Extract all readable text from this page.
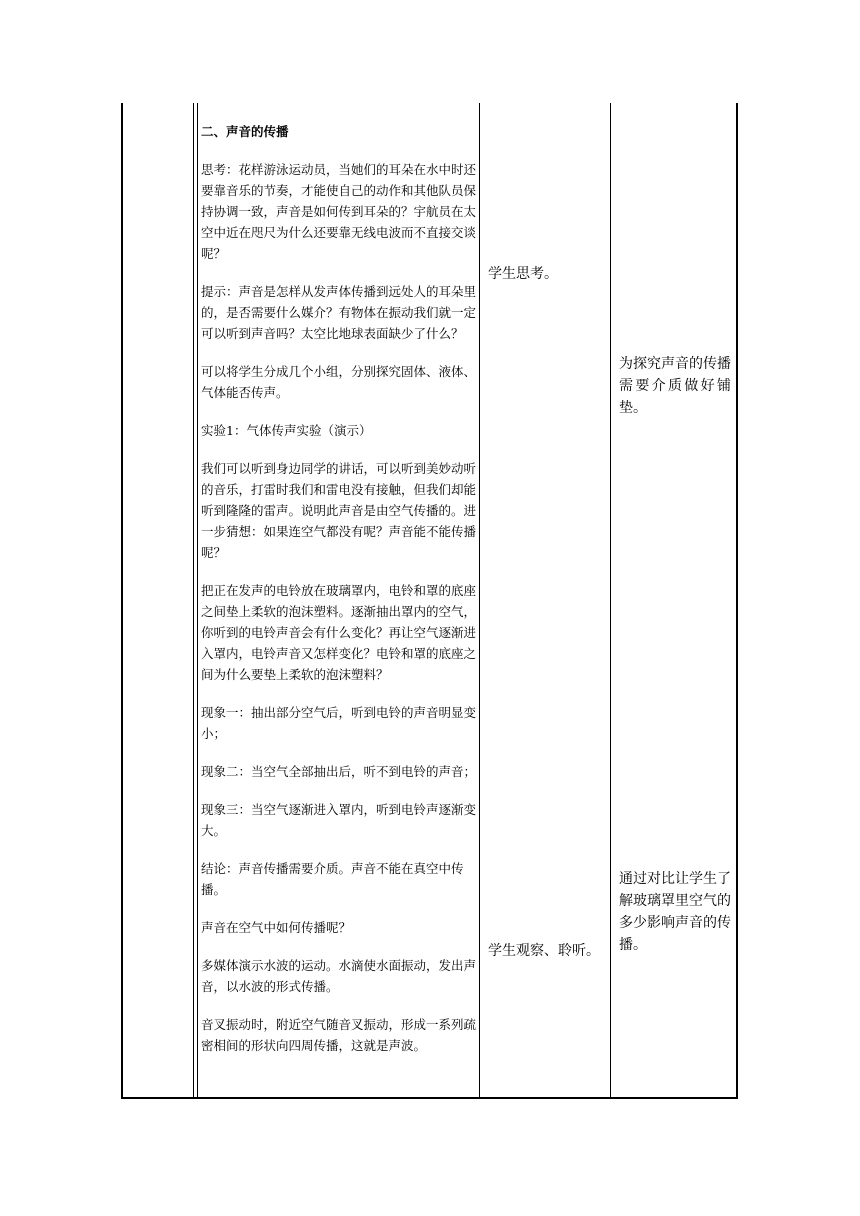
二、声音的传播

思考：花样游泳运动员，当她们的耳朵在水中时还要靠音乐的节奏，才能使自己的动作和其他队员保持协调一致，声音是如何传到耳朵的？宇航员在太空中近在咫尺为什么还要靠无线电波而不直接交谈呢？

提示：声音是怎样从发声体传播到远处人的耳朵里的，是否需要什么媒介？有物体在振动我们就一定可以听到声音吗？太空比地球表面缺少了什么？

可以将学生分成几个小组，分别探究固体、液体、气体能否传声。

实验1：气体传声实验（演示）

我们可以听到身边同学的讲话，可以听到美妙动听的音乐，打雷时我们和雷电没有接触，但我们却能听到隆隆的雷声。说明此声音是由空气传播的。进一步猜想：如果连空气都没有呢？声音能不能传播呢？

把正在发声的电铃放在玻璃罩内，电铃和罩的底座之间垫上柔软的泡沫塑料。逐渐抽出罩内的空气，你听到的电铃声音会有什么变化？再让空气逐渐进入罩内，电铃声音又怎样变化？电铃和罩的底座之间为什么要垫上柔软的泡沫塑料？

现象一：抽出部分空气后，听到电铃的声音明显变小；

现象二：当空气全部抽出后，听不到电铃的声音；

现象三：当空气逐渐进入罩内，听到电铃声逐渐变大。

结论：声音传播需要介质。声音不能在真空中传播。

声音在空气中如何传播呢？

多媒体演示水波的运动。水滴使水面振动，发出声音，以水波的形式传播。

音叉振动时，附近空气随音叉振动，形成一系列疏密相间的形状向四周传播，这就是声波。

学生思考。
学生观察、聆听。
为探究声音的传播需要介质做好铺垫。
通过对比让学生了解玻璃罩里空气的多少影响声音的传播。
